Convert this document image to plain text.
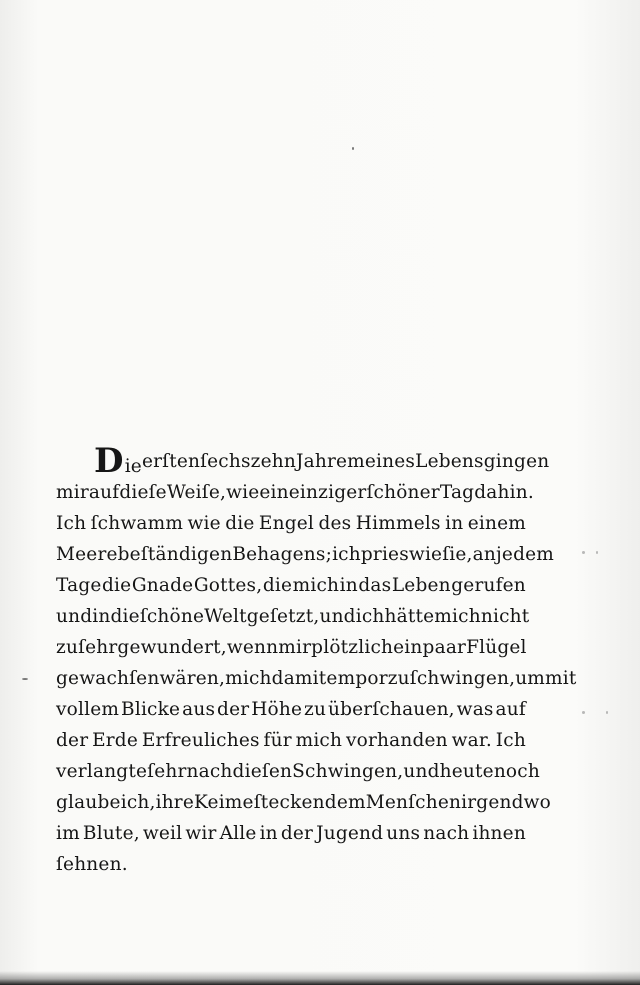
D ie erſten ſechszehn Jahre meines Lebens gingen
mir auf dieſe Weiſe, wie ein einziger ſchöner Tag dahin.
Ich ſchwamm wie die Engel des Himmels in einem
Meere beſtändigen Behagens; ich pries wie ſie, an jedem
Tage die Gnade Gottes, die mich in das Leben gerufen
und in die ſchöne Welt geſetzt, und ich hätte mich nicht
zu ſehr gewundert, wenn mir plötzlich ein paar Flügel
gewachſen wären, mich damit emporzuſchwingen, um mit
vollem Blicke aus der Höhe zu überſchauen, was auf
der Erde Erfreuliches für mich vorhanden war. Ich
verlangte ſehr nach dieſen Schwingen, und heute noch
glaube ich, ihre Keime ſtecken dem Menſchen irgendwo
im Blute, weil wir Alle in der Jugend uns nach ihnen
ſehnen.
